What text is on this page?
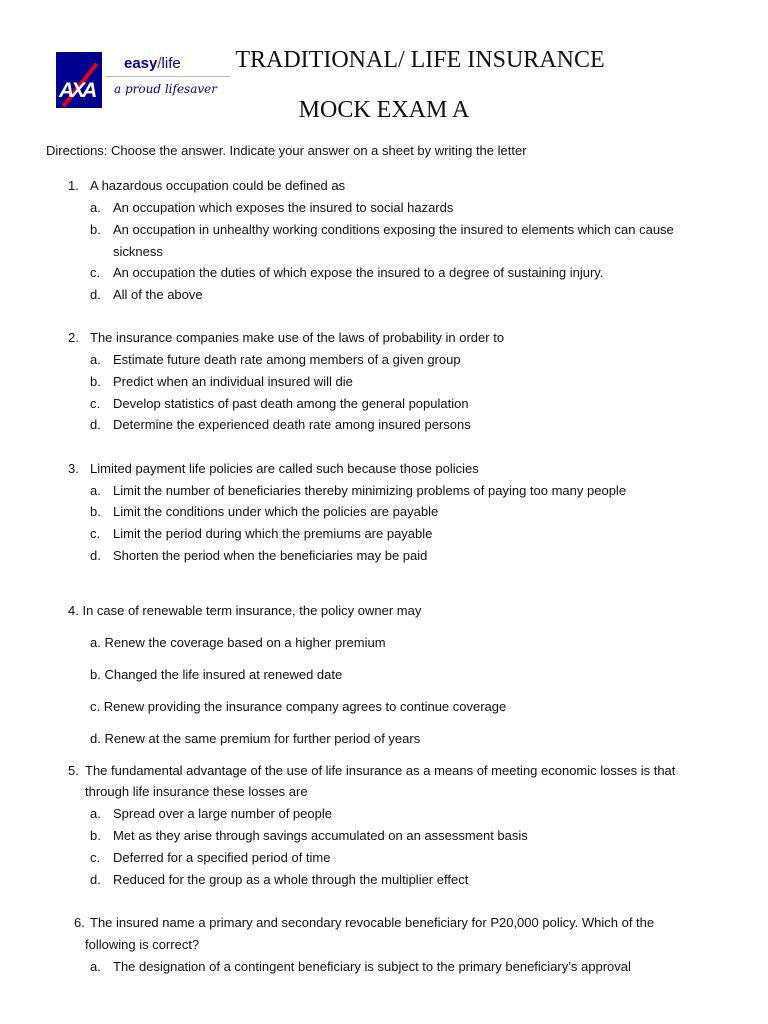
AXA
easy/life
a proud lifesaver
TRADITIONAL/ LIFE INSURANCE
MOCK EXAM A
Directions: Choose the answer. Indicate your answer on a sheet by writing the letter
1. A hazardous occupation could be defined as
a. An occupation which exposes the insured to social hazards
b. An occupation in unhealthy working conditions exposing the insured to elements which can cause
sickness
c. An occupation the duties of which expose the insured to a degree of sustaining injury.
d. All of the above
2. The insurance companies make use of the laws of probability in order to
a. Estimate future death rate among members of a given group
b. Predict when an individual insured will die
c. Develop statistics of past death among the general population
d. Determine the experienced death rate among insured persons
3. Limited payment life policies are called such because those policies
a. Limit the number of beneficiaries thereby minimizing problems of paying too many people
b. Limit the conditions under which the policies are payable
c. Limit the period during which the premiums are payable
d. Shorten the period when the beneficiaries may be paid
4. In case of renewable term insurance, the policy owner may
a. Renew the coverage based on a higher premium
b. Changed the life insured at renewed date
c. Renew providing the insurance company agrees to continue coverage
d. Renew at the same premium for further period of years
5. The fundamental advantage of the use of life insurance as a means of meeting economic losses is that
through life insurance these losses are
a. Spread over a large number of people
b. Met as they arise through savings accumulated on an assessment basis
c. Deferred for a specified period of time
d. Reduced for the group as a whole through the multiplier effect
6. The insured name a primary and secondary revocable beneficiary for P20,000 policy. Which of the
following is correct?
a. The designation of a contingent beneficiary is subject to the primary beneficiary’s approval
